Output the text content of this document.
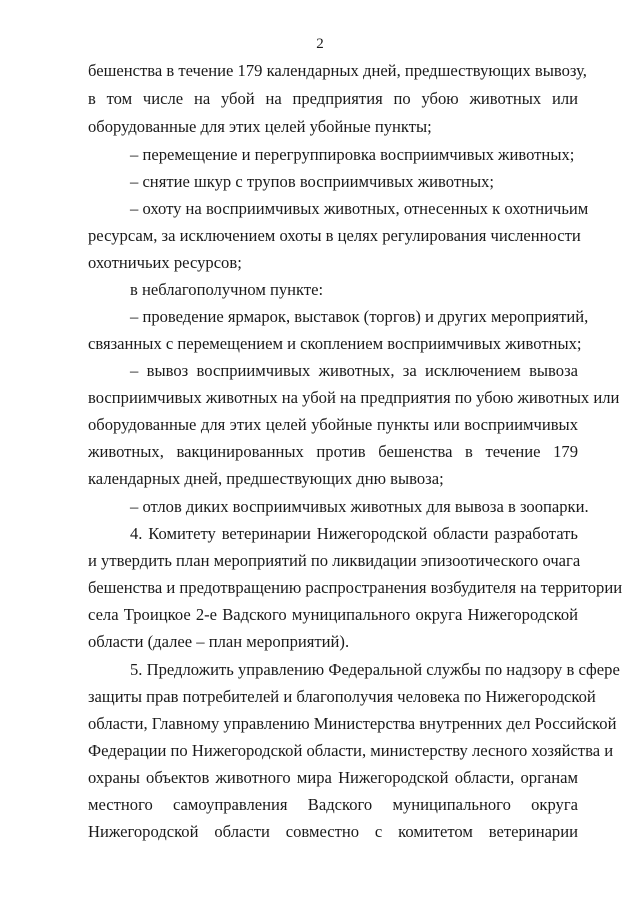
2
бешенства в течение 179 календарных дней, предшествующих вывозу,
в том числе на убой на предприятия по убою животных или
оборудованные для этих целей убойные пункты;
– перемещение и перегруппировка восприимчивых животных;
– снятие шкур с трупов восприимчивых животных;
– охоту на восприимчивых животных, отнесенных к охотничьим
ресурсам, за исключением охоты в целях регулирования численности
охотничьих ресурсов;
в неблагополучном пункте:
– проведение ярмарок, выставок (торгов) и других мероприятий,
связанных с перемещением и скоплением восприимчивых животных;
– вывоз восприимчивых животных, за исключением вывоза
восприимчивых животных на убой на предприятия по убою животных или
оборудованные для этих целей убойные пункты или восприимчивых
животных, вакцинированных против бешенства в течение 179
календарных дней, предшествующих дню вывоза;
– отлов диких восприимчивых животных для вывоза в зоопарки.
4. Комитету ветеринарии Нижегородской области разработать
и утвердить план мероприятий по ликвидации эпизоотического очага
бешенства и предотвращению распространения возбудителя на территории
села Троицкое 2-е Вадского муниципального округа Нижегородской
области (далее – план мероприятий).
5. Предложить управлению Федеральной службы по надзору в сфере
защиты прав потребителей и благополучия человека по Нижегородской
области, Главному управлению Министерства внутренних дел Российской
Федерации по Нижегородской области, министерству лесного хозяйства и
охраны объектов животного мира Нижегородской области, органам
местного самоуправления Вадского муниципального округа
Нижегородской области совместно с комитетом ветеринарии
